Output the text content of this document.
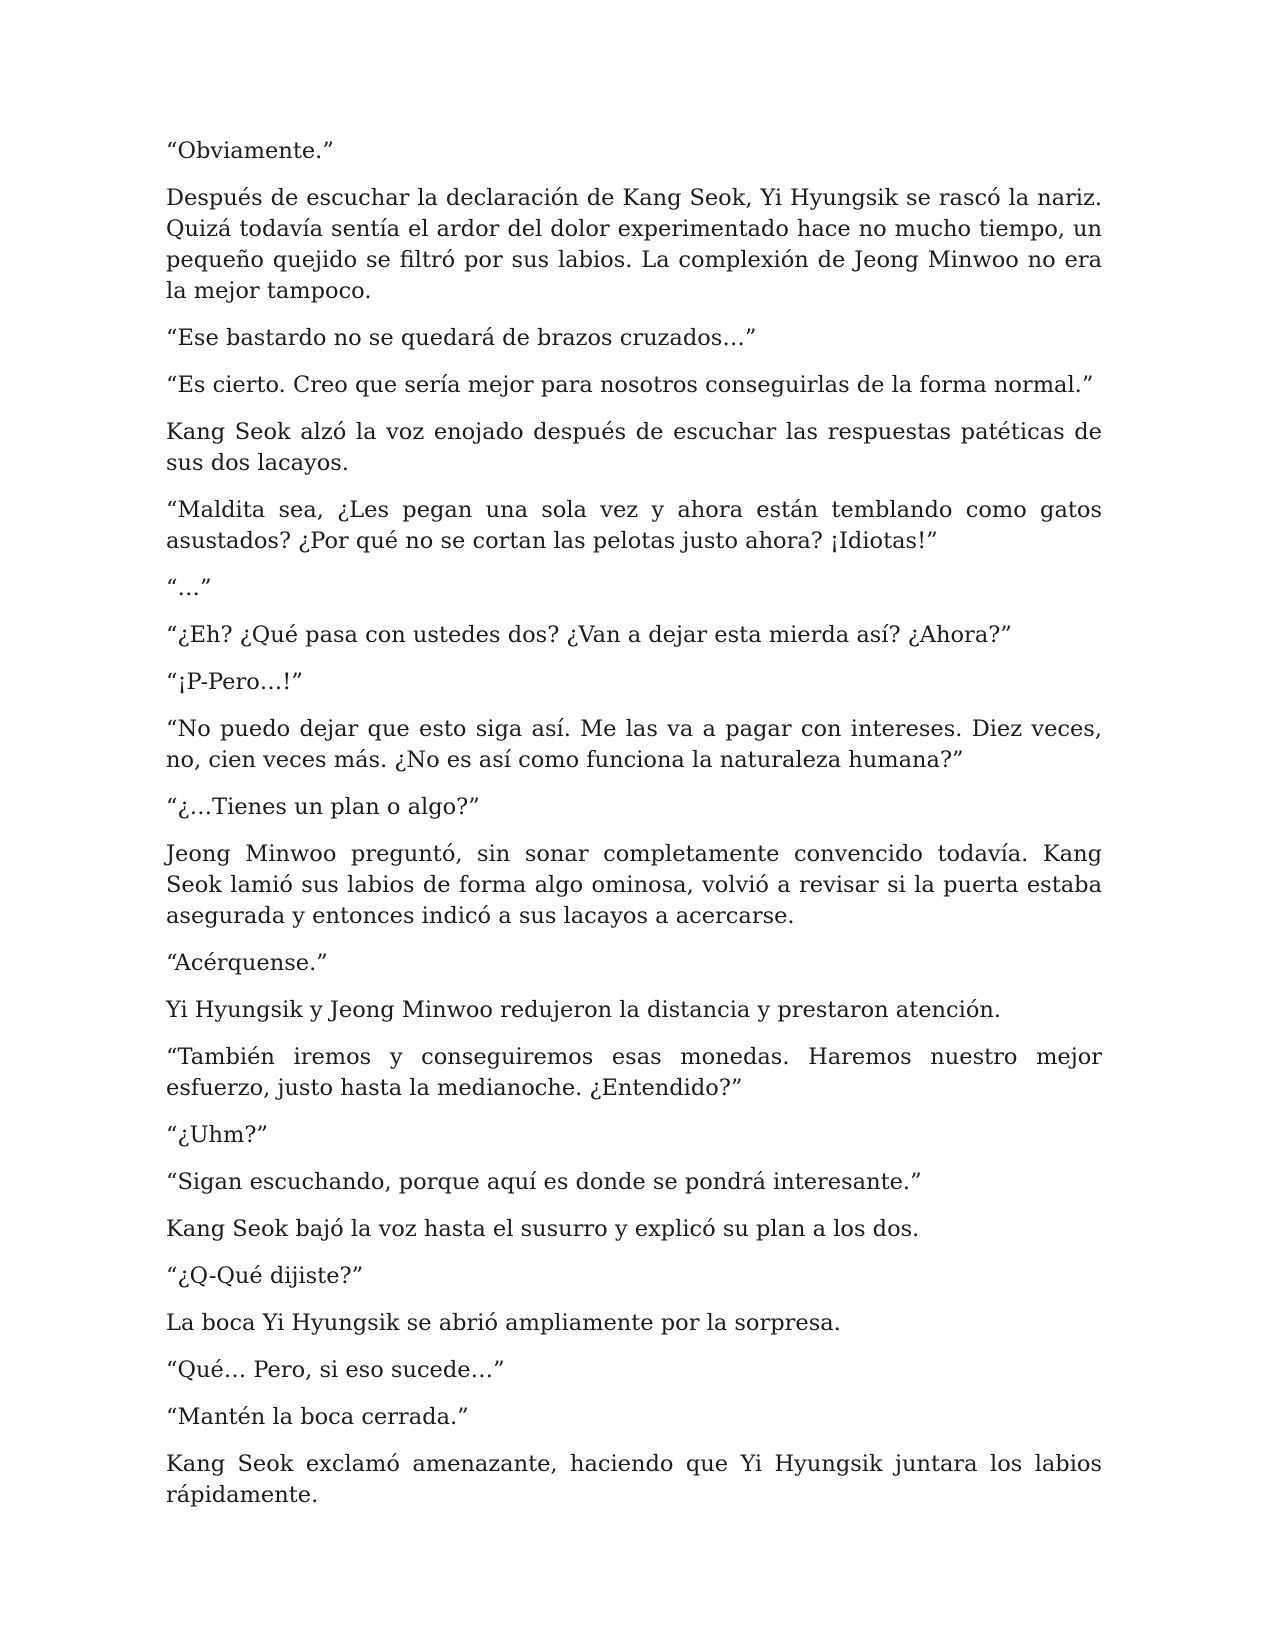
“Obviamente.”

Después de escuchar la declaración de Kang Seok, Yi Hyungsik se rascó la nariz. Quizá todavía sentía el ardor del dolor experimentado hace no mucho tiempo, un pequeño quejido se filtró por sus labios. La complexión de Jeong Minwoo no era la mejor tampoco.

“Ese bastardo no se quedará de brazos cruzados…”

“Es cierto. Creo que sería mejor para nosotros conseguirlas de la forma normal.”

Kang Seok alzó la voz enojado después de escuchar las respuestas patéticas de sus dos lacayos.

“Maldita sea, ¿Les pegan una sola vez y ahora están temblando como gatos asustados? ¿Por qué no se cortan las pelotas justo ahora? ¡Idiotas!”

“…”

“¿Eh? ¿Qué pasa con ustedes dos? ¿Van a dejar esta mierda así? ¿Ahora?”

“¡P-Pero…!”

“No puedo dejar que esto siga así. Me las va a pagar con intereses. Diez veces, no, cien veces más. ¿No es así como funciona la naturaleza humana?”

“¿…Tienes un plan o algo?”

Jeong Minwoo preguntó, sin sonar completamente convencido todavía. Kang Seok lamió sus labios de forma algo ominosa, volvió a revisar si la puerta estaba asegurada y entonces indicó a sus lacayos a acercarse.

“Acérquense.”

Yi Hyungsik y Jeong Minwoo redujeron la distancia y prestaron atención.

“También iremos y conseguiremos esas monedas. Haremos nuestro mejor esfuerzo, justo hasta la medianoche. ¿Entendido?”

“¿Uhm?”

“Sigan escuchando, porque aquí es donde se pondrá interesante.”

Kang Seok bajó la voz hasta el susurro y explicó su plan a los dos.

“¿Q-Qué dijiste?”

La boca Yi Hyungsik se abrió ampliamente por la sorpresa.

“Qué… Pero, si eso sucede…”

“Mantén la boca cerrada.”

Kang Seok exclamó amenazante, haciendo que Yi Hyungsik juntara los labios rápidamente.
